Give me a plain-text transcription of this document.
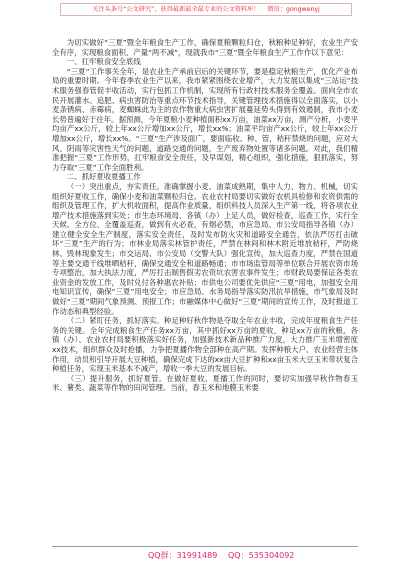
关注头条号“公文研究”，获得最新最全最专业的公文资料库！ 微信：gongwenyj

为切实做好“三夏”暨全年粮食生产工作，确保夏粮颗粒归仓，秋粮种足种好，农业生产安全有序，实现粮食面积、产量“两不减”，现就我市“三夏”暨全年粮食生产工作作以下意见：

一、扛牢粮食安全底线

“三夏”工作事关全年，是农业生产承前启后的关键环节，要是稳定秋粮生产，优化产业布局的重要时期。今年春季农业生产以来，我市紧紧围绕农业增产，大力发展以集成“三站运”技术服务强春管促丰收活动，实行包抓工作机制，实现所有行政村技术服务全覆盖。面向全市农民开展灌水、追肥、病虫害防治等重点环节技术指导，关键管理技术措施得以全面落实，以小麦条锈病、赤霉病，麦蜘蛛此为主的农作物重大病虫害扩展蔓延势头得到有效遏制，我市小麦长势普遍好于往年。据预测，今年夏粮小麦种植面积xx万亩，油菜xx万亩，测产分析，小麦平均亩产xx公斤，较上年xx公斤增加xx公斤，增长xx%；油菜平均亩产xx公斤，较上年xx公斤增加xx公斤，增长xx%。“三夏”生产涉及面广，要面临收、种、管，秸秆禁烧的问题，应对大风、阴雨等灾害性天气的问题，道路交通的问题，生产废弃物处置等诸多问题。对此，我们精准把握“三夏”工作形势，扛牢粮食安全责任，及早谋划，精心组织，强化措施，狠抓落实，努力夺取“三夏”工作全面胜利。

二、抓好夏收夏播工作

（一）突出重点，夯实责任。准确掌握小麦、油菜成熟期，集中人力、物力、机械，切实组织好夏收工作，确保小麦和油菜颗粒归仓。农业农村局要切实做好农机具检修和农资供需的组织及管理工作，扩大机收面积，提高作业质量，组织科技人员深入生产第一线，将各项农业增产技术措施落到实处；市生态环境局、各镇（办）上足人员，做好检查，巡查工作，实行全天候、全方位、全覆盖巡查，做到有火必查，有烟必禁，市应急局、市公安局指导各镇（办）建立健全安全生产制度，落实安全责任，及时发布防火灾和道路安全通告，依法严厉打击破坏“三夏”生产的行为；市林业局落实林管护责任，严禁在林间和林木附近堆放秸秆，严防烧林、毁林现象发生；市交运局、市公安局（交警大队）强化宣传，加大巡查力度，严禁在国道等主要交通干线堆晒秸秆，确保交通安全和道路畅通；市市场监管局等单位联合开展农资市场专项整治，加大执法力度，严厉打击制售假劣农资坑农害农事件发生；市财政局要保证各类农业资金的发放工作，及时兑付各种惠农补贴；市供电公司要优先供应“三夏”用电，加强安全用电知识宣传，确保“三夏”用电安全；市应急局、水务局指导落实防汛抗旱措施，市气象局及时做好“三夏”期间气象预测、预报工作；市融媒体中心做好“三夏”期间的宣传工作，及时报道工作动态和典型经验。

（二）紧盯任务，抓好落实。种足种好秋作物是夺取全年农业丰收，完成年度粮食生产任务的关键。全年完成粮食生产任务xx万亩，其中抓好xx万亩的夏收，种足xx万亩的秋粮，各镇（办）、农业农村局要积极落实好任务，加强新技术新品种推广力度，大力推广玉米增密度xx技术，组织群众及时抢播，力争把夏播作物全部种在高产期。发挥种粮大户、农业经营主体作用，动员和引导开展大豆种植，确保完成下达的xx亩大豆扩种和xx亩玉米大豆玉米带状复合种植任务，实现玉米基本不减产，增收一季大豆的发展目标。

（三）提升服务，抓好夏管。在做好夏收、夏播工作的同时，要切实加强早秋作物春玉米、薯类、蔬菜等作物的田间管理。当前，春玉米和地膜玉米要

QQ群：31991489 QQ：535304092
